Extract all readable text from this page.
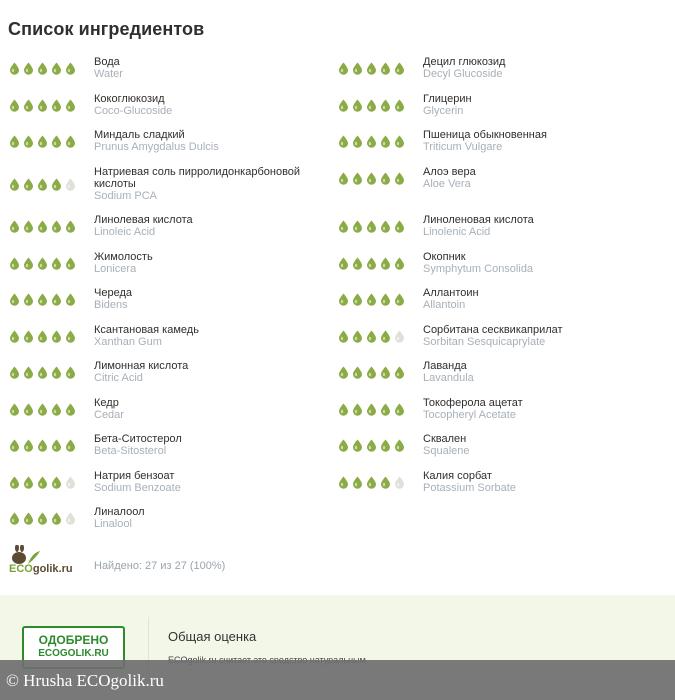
Список ингредиентов
Вода
Water
Кокоглюкозид
Coco-Glucoside
Миндаль сладкий
Prunus Amygdalus Dulcis
Натриевая соль пирролидонкарбоновой
кислоты
Sodium PCA
Линолевая кислота
Linoleic Acid
Жимолость
Lonicera
Череда
Bidens
Ксантановая камедь
Xanthan Gum
Лимонная кислота
Citric Acid
Кедр
Cedar
Бета-Ситостерол
Beta-Sitosterol
Натрия бензоат
Sodium Benzoate
Линалоол
Linalool
Децил глюкозид
Decyl Glucoside
Глицерин
Glycerin
Пшеница обыкновенная
Triticum Vulgare
Алоэ вера
Aloe Vera
Линоленовая кислота
Linolenic Acid
Окопник
Symphytum Consolida
Аллантоин
Allantoin
Сорбитана сесквикаприлат
Sorbitan Sesquicaprylate
Лаванда
Lavandula
Токоферола ацетат
Tocopheryl Acetate
Сквален
Squalene
Калия сорбат
Potassium Sorbate
ECOgolik.ru Найдено: 27 из 27 (100%)
ОДОБРЕНО
ECOGOLIK.RU
Общая оценка
© Hrusha ECOgolik.ru
